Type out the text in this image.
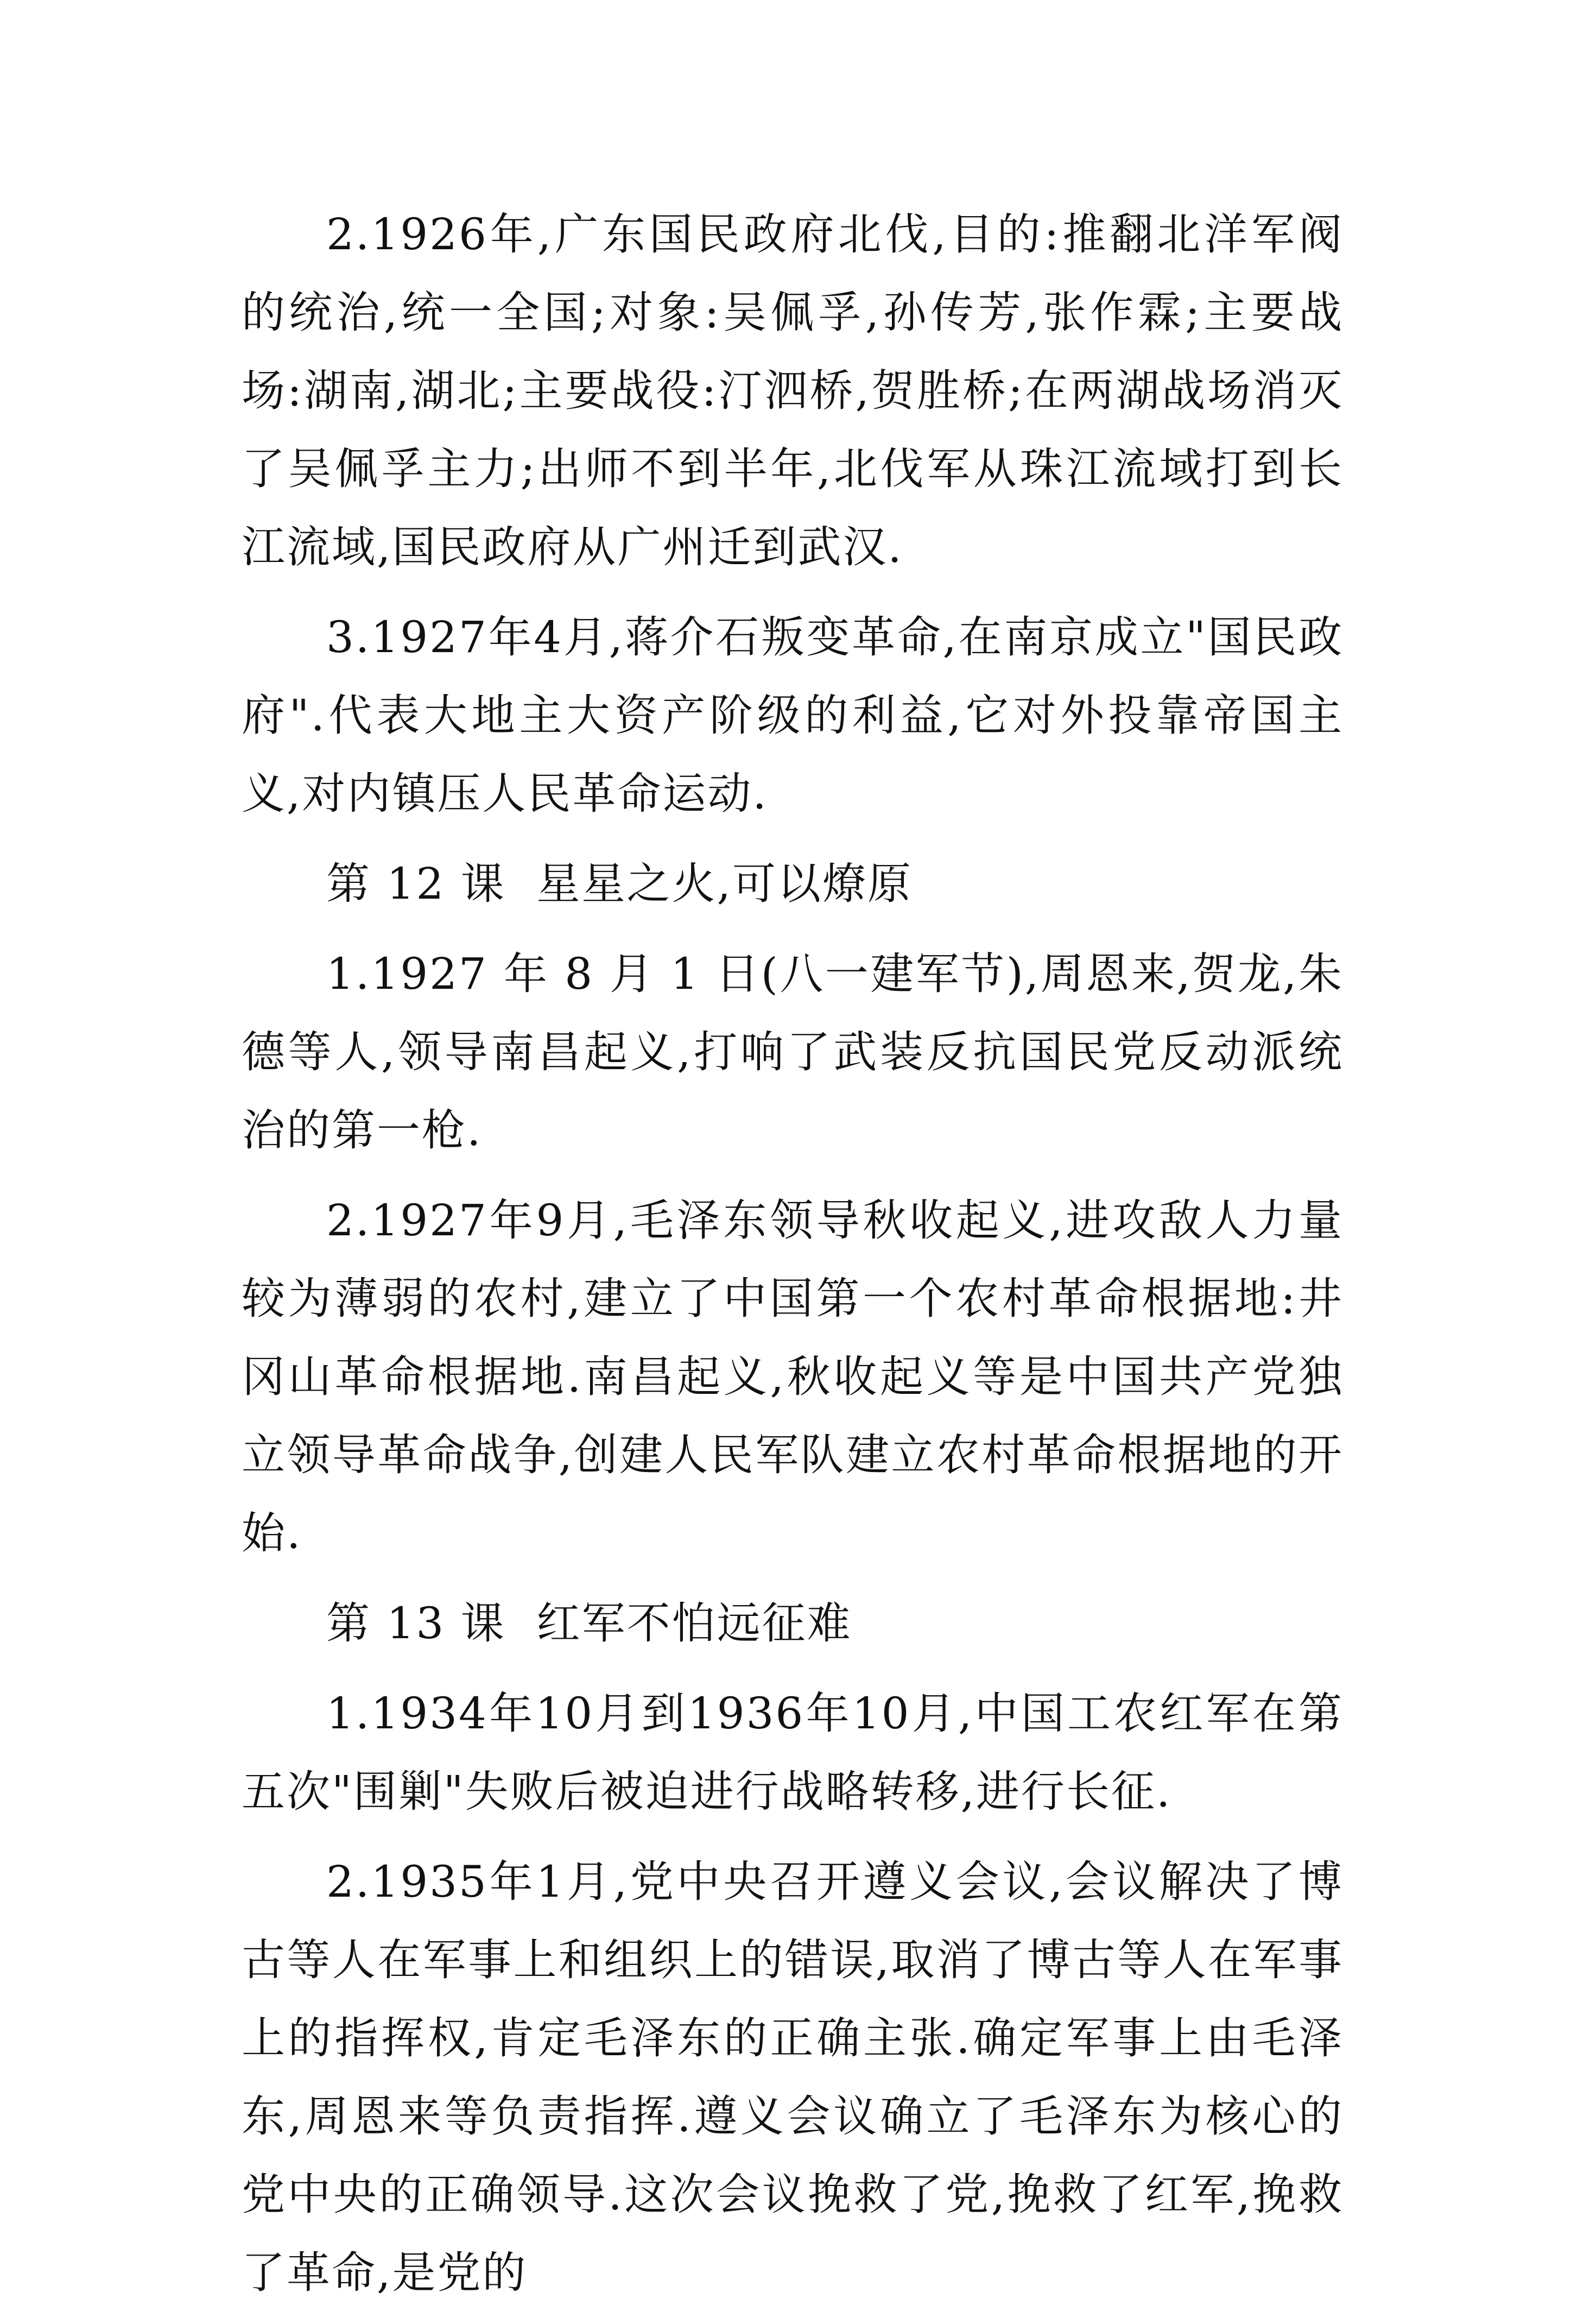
2.1926年,广东国民政府北伐,目的:推翻北洋军阀的统治,统一全国;对象:吴佩孚,孙传芳,张作霖;主要战场:湖南,湖北;主要战役:汀泗桥,贺胜桥;在两湖战场消灭了吴佩孚主力;出师不到半年,北伐军从珠江流域打到长江流域,国民政府从广州迁到武汉.

3.1927年4月,蒋介石叛变革命,在南京成立"国民政府".代表大地主大资产阶级的利益,它对外投靠帝国主义,对内镇压人民革命运动.

第 12 课  星星之火,可以燎原

1.1927 年 8 月 1 日(八一建军节),周恩来,贺龙,朱德等人,领导南昌起义,打响了武装反抗国民党反动派统治的第一枪.

2.1927年9月,毛泽东领导秋收起义,进攻敌人力量较为薄弱的农村,建立了中国第一个农村革命根据地:井冈山革命根据地.南昌起义,秋收起义等是中国共产党独立领导革命战争,创建人民军队建立农村革命根据地的开始.

第 13 课  红军不怕远征难

1.1934年10月到1936年10月,中国工农红军在第五次"围剿"失败后被迫进行战略转移,进行长征.

2.1935年1月,党中央召开遵义会议,会议解决了博古等人在军事上和组织上的错误,取消了博古等人在军事上的指挥权,肯定毛泽东的正确主张.确定军事上由毛泽东,周恩来等负责指挥.遵义会议确立了毛泽东为核心的党中央的正确领导.这次会议挽救了党,挽救了红军,挽救了革命,是党的
